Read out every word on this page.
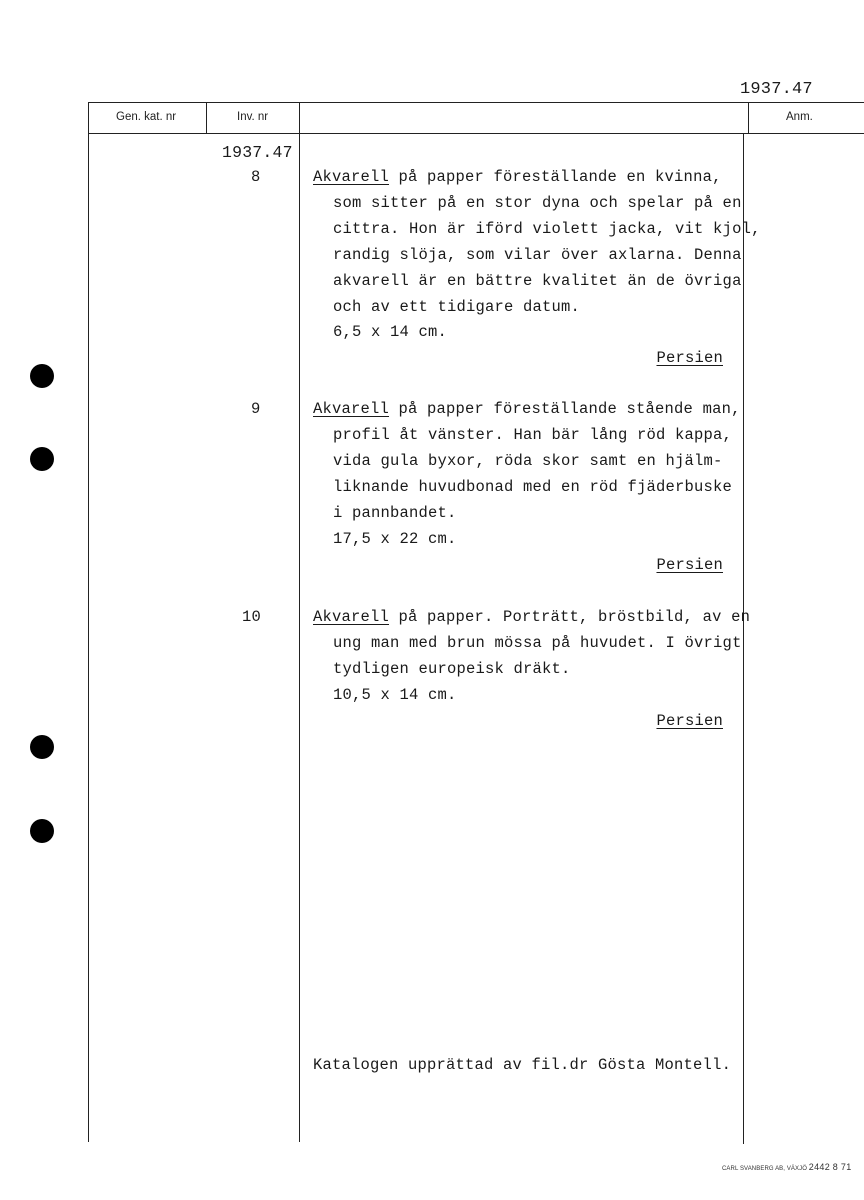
1937.47
Gen. kat. nr	Inv. nr	Anm.
1937.47
8	Akvarell på papper föreställande en kvinna,
som sitter på en stor dyna och spelar på en
cittra. Hon är iförd violett jacka, vit kjol,
randig slöja, som vilar över axlarna. Denna
akvarell är en bättre kvalitet än de övriga
och av ett tidigare datum.
6,5 x 14 cm.
Persien
9	Akvarell på papper föreställande stående man,
profil åt vänster. Han bär lång röd kappa,
vida gula byxor, röda skor samt en hjälm-
liknande huvudbonad med en röd fjäderbuske
i pannbandet.
17,5 x 22 cm.
Persien
10	Akvarell på papper. Porträtt, bröstbild, av en
ung man med brun mössa på huvudet. I övrigt
tydligen europeisk dräkt.
10,5 x 14 cm.
Persien
Katalogen upprättad av fil.dr Gösta Montell.
CARL SVANBERG AB, VÄXJÖ 2442 8 71
